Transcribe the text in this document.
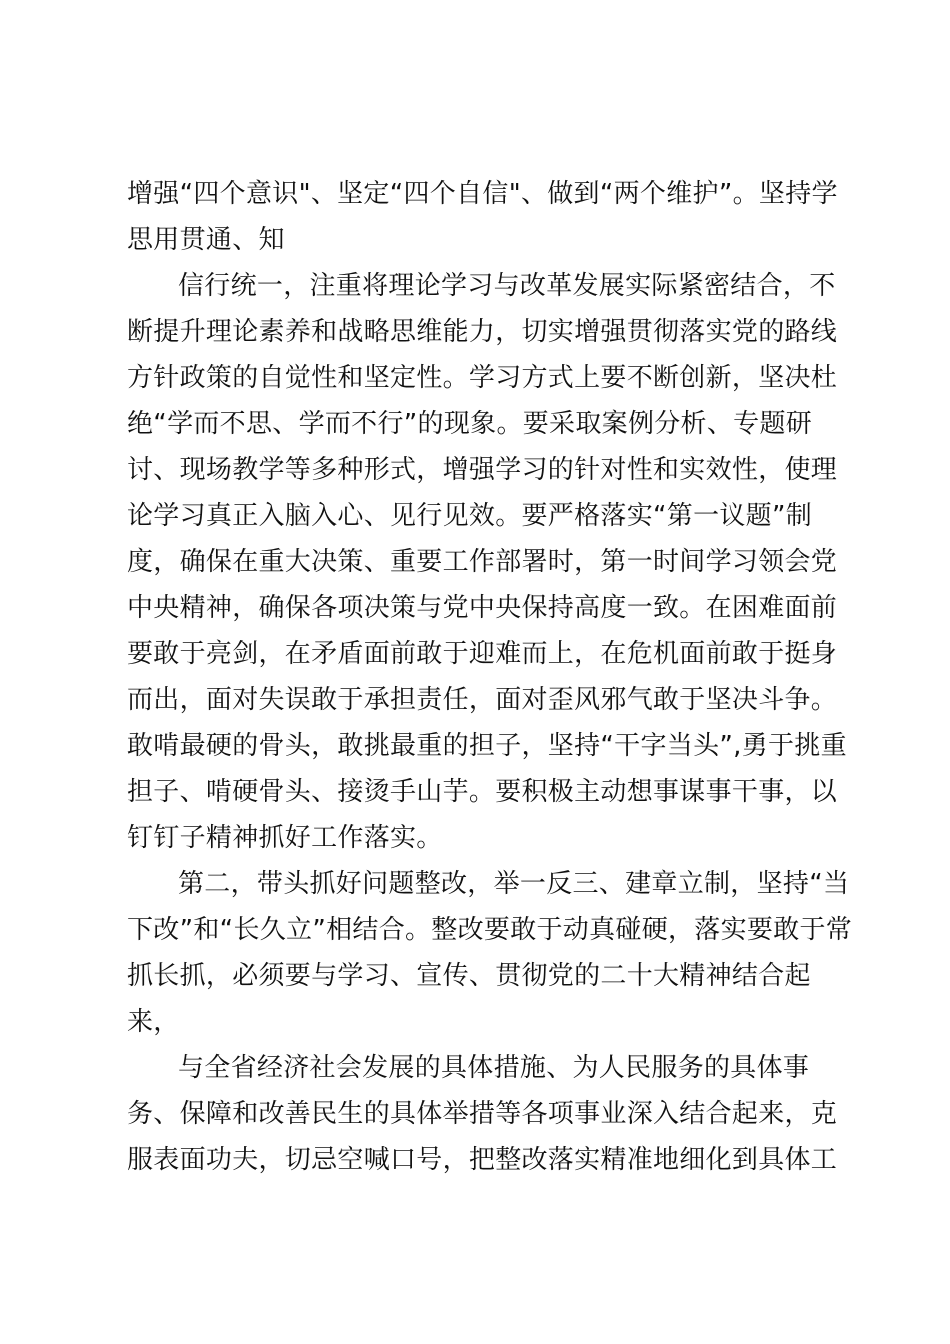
增强“四个意识"、坚定“四个自信"、做到“两个维护”。坚持学
思用贯通、知
信行统一，注重将理论学习与改革发展实际紧密结合，不
断提升理论素养和战略思维能力，切实增强贯彻落实党的路线
方针政策的自觉性和坚定性。学习方式上要不断创新，坚决杜
绝“学而不思、学而不行”的现象。要采取案例分析、专题研
讨、现场教学等多种形式，增强学习的针对性和实效性，使理
论学习真正入脑入心、见行见效。要严格落实“第一议题”制
度，确保在重大决策、重要工作部署时，第一时间学习领会党
中央精神，确保各项决策与党中央保持高度一致。在困难面前
要敢于亮剑，在矛盾面前敢于迎难而上，在危机面前敢于挺身
而出，面对失误敢于承担责任，面对歪风邪气敢于坚决斗争。
敢啃最硬的骨头，敢挑最重的担子，坚持“干字当头”,勇于挑重
担子、啃硬骨头、接烫手山芋。要积极主动想事谋事干事，以
钉钉子精神抓好工作落实。
第二，带头抓好问题整改，举一反三、建章立制，坚持“当
下改”和“长久立”相结合。整改要敢于动真碰硬，落实要敢于常
抓长抓，必须要与学习、宣传、贯彻党的二十大精神结合起
来，
与全省经济社会发展的具体措施、为人民服务的具体事
务、保障和改善民生的具体举措等各项事业深入结合起来，克
服表面功夫，切忌空喊口号，把整改落实精准地细化到具体工
